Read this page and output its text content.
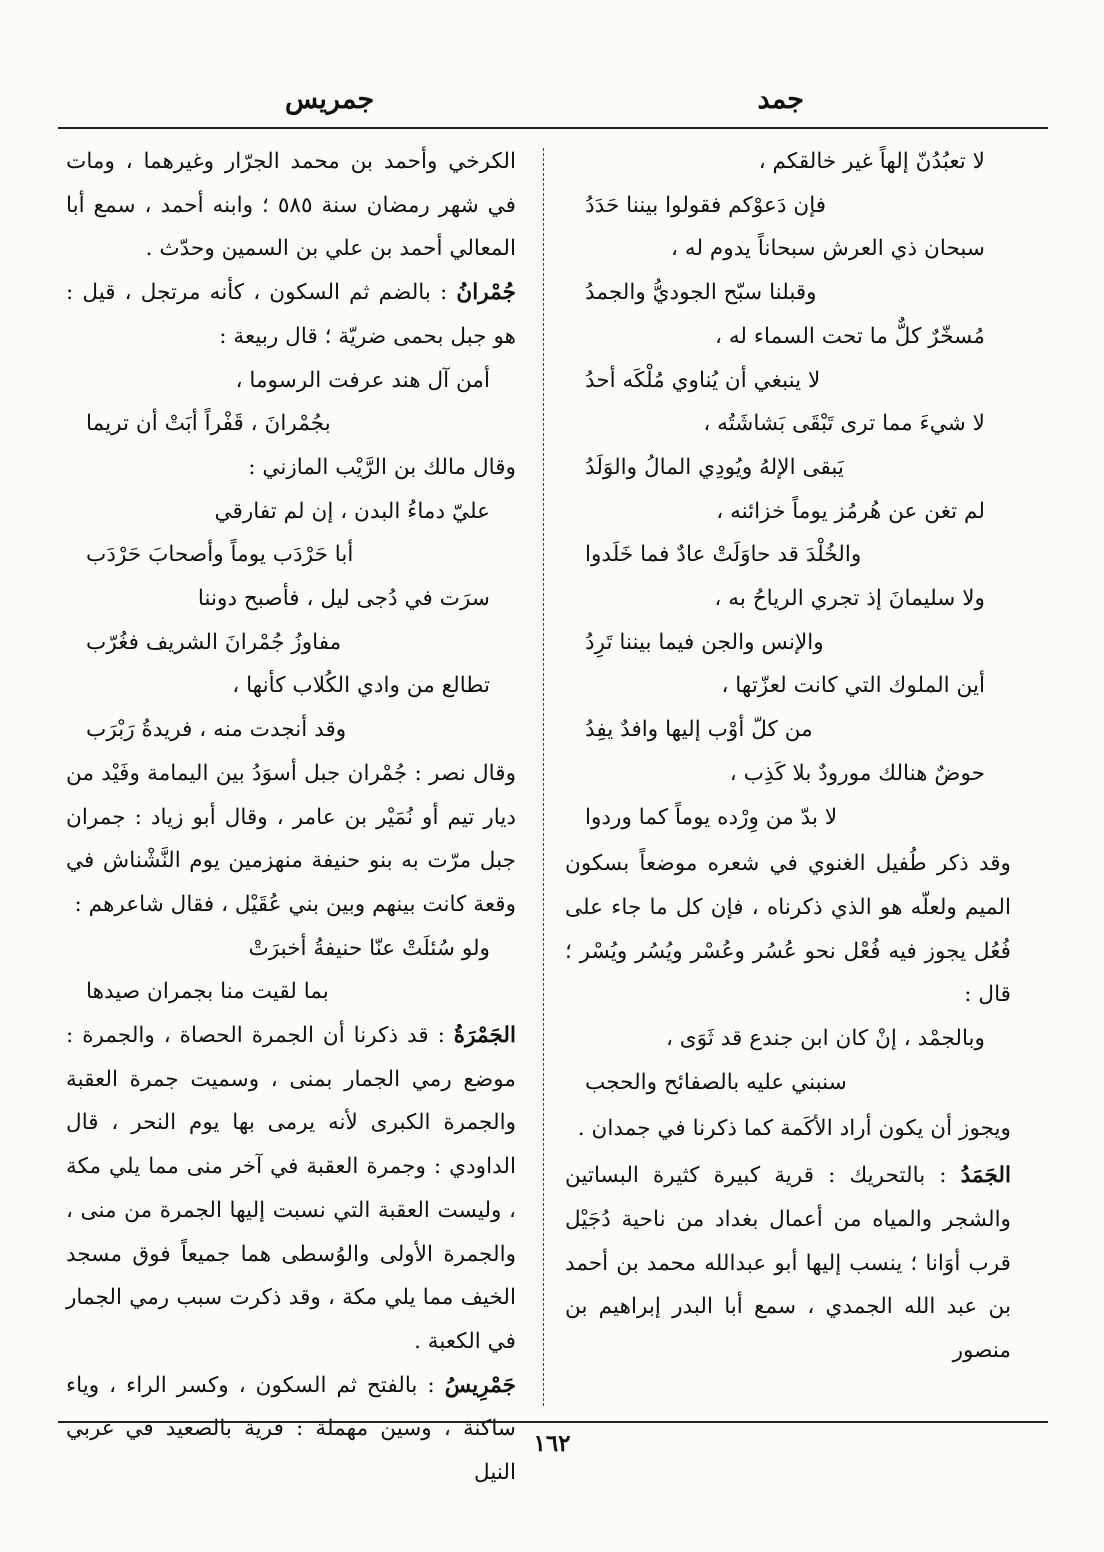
جمد
جمريس
لا تعبُدُنّ إلهاً غير خالقكم ،
فإن دَعوْكم فقولوا بيننا حَدَدُ
سبحان ذي العرش سبحاناً يدوم له ،
وقبلنا سبّح الجوديُّ والجمدُ
مُسخّرٌ كلٌّ ما تحت السماء له ،
لا ينبغي أن يُناوي مُلْكَه أحدُ
لا شيءَ مما ترى تَبْقَى بَشاشَتُه ،
يَبقى الإلهُ ويُودِي المالُ والوَلَدُ
لم تغن عن هُرمُز يوماً خزائنه ،
والخُلْدَ قد حاوَلَتْ عادٌ فما خَلَدوا
ولا سليمانَ إذ تجري الرياحُ به ،
والإنس والجن فيما بيننا تَرِدُ
أين الملوك التي كانت لعزّتها ،
من كلّ أوْب إليها وافدٌ يفِدُ
حوضٌ هنالك مورودٌ بلا كَذِب ،
لا بدّ من وِرْده يوماً كما وردوا

وقد ذكر طُفيل الغنوي في شعره موضعاً بسكون الميم ولعلّه هو الذي ذكرناه ، فإن كل ما جاء على فُعُل يجوز فيه فُعْل نحو عُسُر وعُسْر ويُسُر ويُسْر ؛ قال :

وبالجمْد ، إنْ كان ابن جندع قد ثَوَى ،
سنبني عليه بالصفائح والحجب

ويجوز أن يكون أراد الأكَمة كما ذكرنا في جمدان .

الجَمَدُ : بالتحريك : قرية كبيرة كثيرة البساتين والشجر والمياه من أعمال بغداد من ناحية دُجَيْل قرب أوَانا ؛ ينسب إليها أبو عبدالله محمد بن أحمد بن عبد الله الجمدي ، سمع أبا البدر إبراهيم بن منصور

الكرخي وأحمد بن محمد الجرّار وغيرهما ، ومات في شهر رمضان سنة ٥٨٥ ؛ وابنه أحمد ، سمع أبا المعالي أحمد بن علي بن السمين وحدّث .

جُمْرانُ : بالضم ثم السكون ، كأنه مرتجل ، قيل : هو جبل بحمى ضريّة ؛ قال ربيعة :

أمن آل هند عرفت الرسوما ،
بجُمْرانَ ، قَفْراً أبَتْ أن تريما

وقال مالك بن الرَّيْب المازني :

عليّ دماءُ البدن ، إن لم تفارقي
أبا حَرْدَب يوماً وأصحابَ حَرْدَب
سرَت في دُجى ليل ، فأصبح دوننا
مفاوزُ جُمْرانَ الشريف فغُرّب
تطالع من وادي الكُلاب كأنها ،
وقد أنجدت منه ، فريدةُ رَبْرَب

وقال نصر : جُمْران جبل أسوَدُ بين اليمامة وفَيْد من ديار تيم أو نُمَيْر بن عامر ، وقال أبو زياد : جمران جبل مرّت به بنو حنيفة منهزمين يوم النَّشْناش في وقعة كانت بينهم وبين بني عُقَيْل ، فقال شاعرهم :

ولو سُئلَتْ عنّا حنيفةُ أخبرَتْ
بما لقيت منا بجمران صيدها

الجَمْرَةُ : قد ذكرنا أن الجمرة الحصاة ، والجمرة : موضع رمي الجمار بمنى ، وسميت جمرة العقبة والجمرة الكبرى لأنه يرمى بها يوم النحر ، قال الداودي : وجمرة العقبة في آخر منى مما يلي مكة ، وليست العقبة التي نسبت إليها الجمرة من منى ، والجمرة الأولى والوُسطى هما جميعاً فوق مسجد الخيف مما يلي مكة ، وقد ذكرت سبب رمي الجمار في الكعبة .

جَمْرِيسُ : بالفتح ثم السكون ، وكسر الراء ، وياء ساكنة ، وسين مهملة : قرية بالصعيد في غربي النيل

١٦٢
